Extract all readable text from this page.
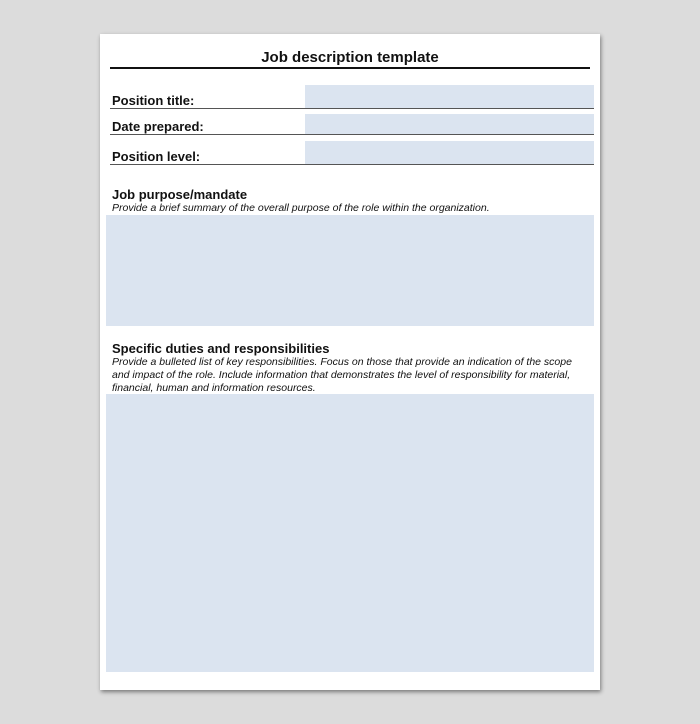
Job description template
Position title:
Date prepared:
Position level:
Job purpose/mandate
Provide a brief summary of the overall purpose of the role within the organization.
Specific duties and responsibilities
Provide a bulleted list of key responsibilities. Focus on those that provide an indication of the scope and impact of the role. Include information that demonstrates the level of responsibility for material, financial, human and information resources.
